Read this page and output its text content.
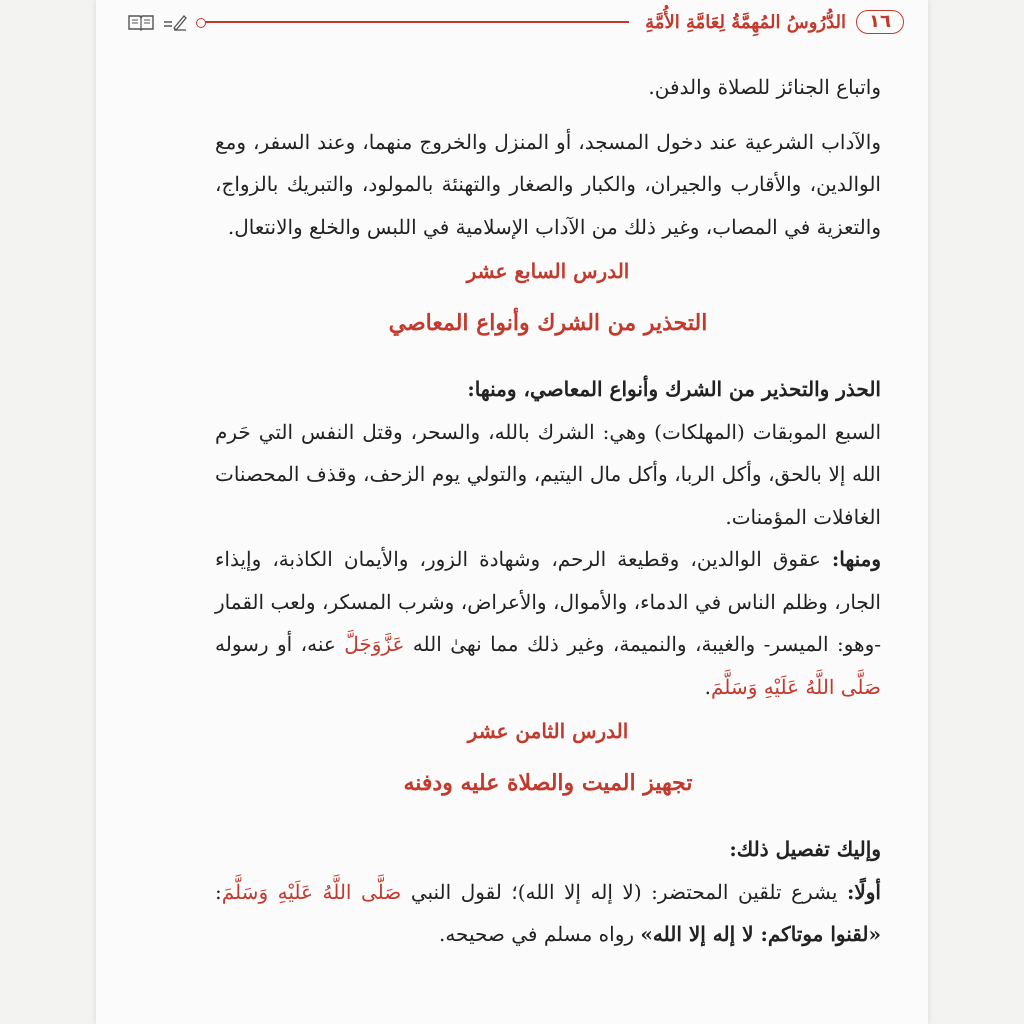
١٦
الدُّرُوسُ المُهِمَّةُ لِعَامَّةِ الأُمَّةِ

واتباع الجنائز للصلاة والدفن.

والآداب الشرعية عند دخول المسجد، أو المنزل والخروج منهما، وعند السفر، ومع الوالدين، والأقارب والجيران، والكبار والصغار والتهنئة بالمولود، والتبريك بالزواج، والتعزية في المصاب، وغير ذلك من الآداب الإسلامية في اللبس والخلع والانتعال.

الدرس السابع عشر

التحذير من الشرك وأنواع المعاصي

الحذر والتحذير من الشرك وأنواع المعاصي، ومنها:

السبع الموبقات (المهلكات) وهي: الشرك بالله، والسحر، وقتل النفس التي حَرم الله إلا بالحق، وأكل الربا، وأكل مال اليتيم، والتولي يوم الزحف، وقذف المحصنات الغافلات المؤمنات.

ومنها: عقوق الوالدين، وقطيعة الرحم، وشهادة الزور، والأيمان الكاذبة، وإيذاء الجار، وظلم الناس في الدماء، والأموال، والأعراض، وشرب المسكر، ولعب القمار -وهو: الميسر- والغيبة، والنميمة، وغير ذلك مما نهىٰ الله عَزَّوَجَلَّ عنه، أو رسوله صَلَّى اللَّهُ عَلَيْهِ وَسَلَّمَ.

الدرس الثامن عشر

تجهيز الميت والصلاة عليه ودفنه

وإليك تفصيل ذلك:

أولًا: يشرع تلقين المحتضر: (لا إله إلا الله)؛ لقول النبي صَلَّى اللَّهُ عَلَيْهِ وَسَلَّمَ: «لقنوا موتاكم: لا إله إلا الله» رواه مسلم في صحيحه.
